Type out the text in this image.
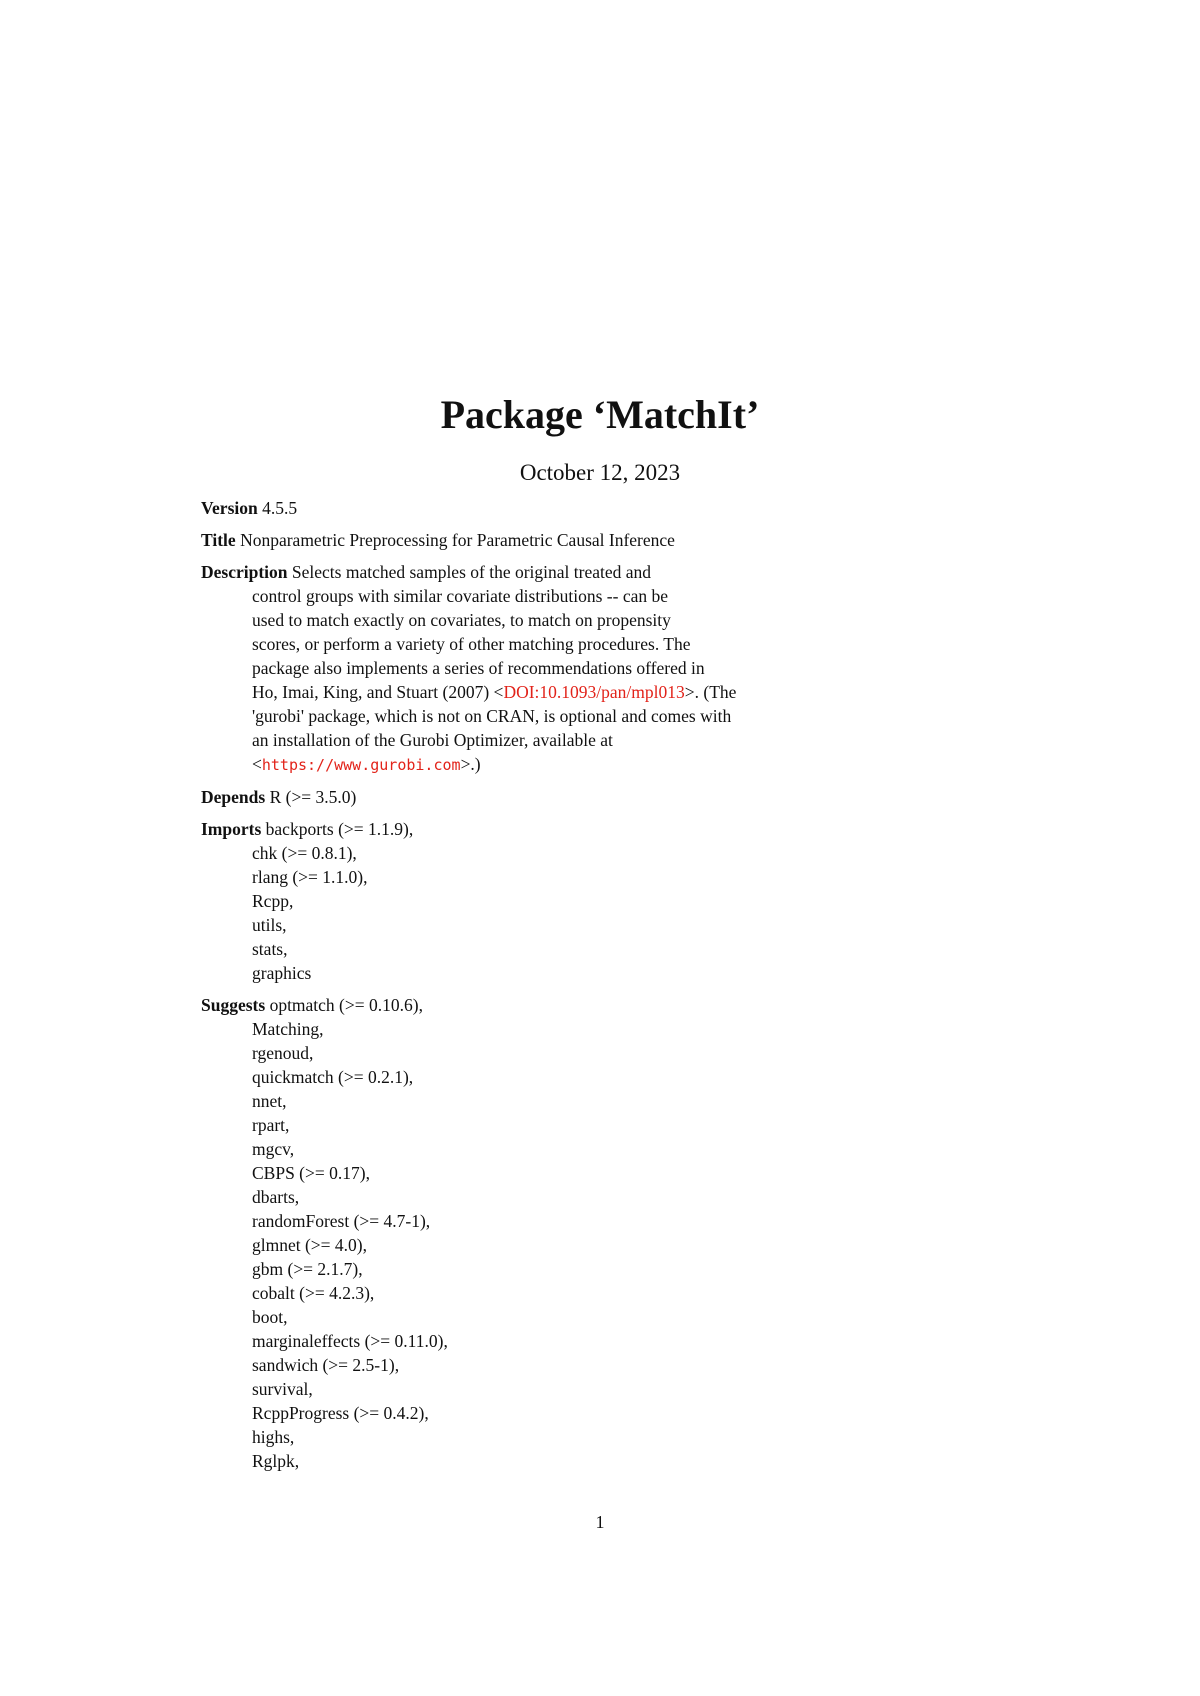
Package ‘MatchIt’
October 12, 2023
Version 4.5.5
Title Nonparametric Preprocessing for Parametric Causal Inference
Description Selects matched samples of the original treated and
control groups with similar covariate distributions -- can be
used to match exactly on covariates, to match on propensity
scores, or perform a variety of other matching procedures. The
package also implements a series of recommendations offered in
Ho, Imai, King, and Stuart (2007) <DOI:10.1093/pan/mpl013>. (The
'gurobi' package, which is not on CRAN, is optional and comes with
an installation of the Gurobi Optimizer, available at
<https://www.gurobi.com>.)
Depends R (>= 3.5.0)
Imports backports (>= 1.1.9),
chk (>= 0.8.1),
rlang (>= 1.1.0),
Rcpp,
utils,
stats,
graphics
Suggests optmatch (>= 0.10.6),
Matching,
rgenoud,
quickmatch (>= 0.2.1),
nnet,
rpart,
mgcv,
CBPS (>= 0.17),
dbarts,
randomForest (>= 4.7-1),
glmnet (>= 4.0),
gbm (>= 2.1.7),
cobalt (>= 4.2.3),
boot,
marginaleffects (>= 0.11.0),
sandwich (>= 2.5-1),
survival,
RcppProgress (>= 0.4.2),
highs,
Rglpk,
1
